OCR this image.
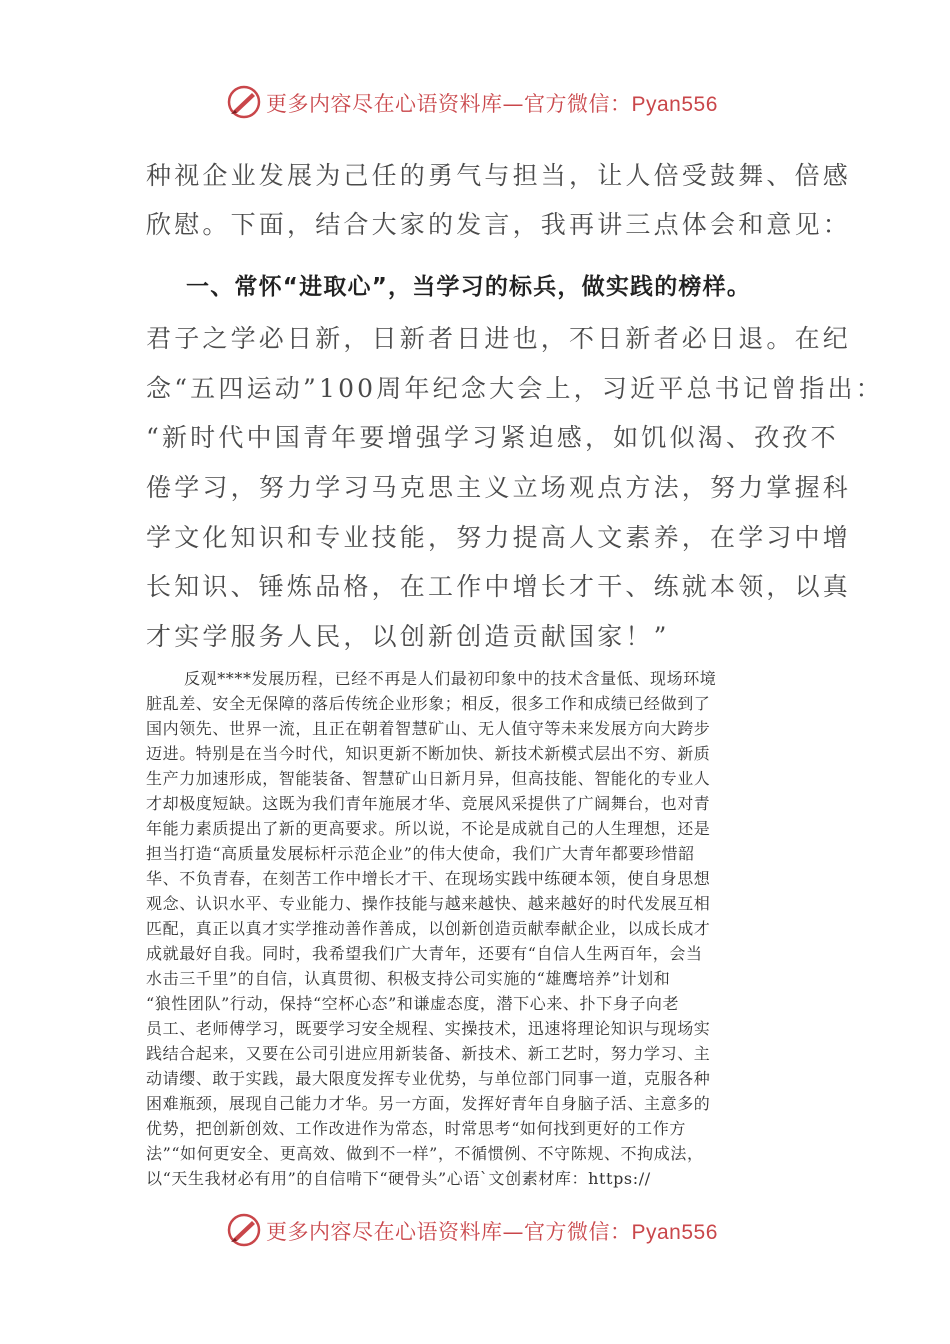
更多内容尽在心语资料库—官方微信：Pyan556
种视企业发展为己任的勇气与担当，让人倍受鼓舞、倍感
欣慰。下面，结合大家的发言，我再讲三点体会和意见：
一、常怀“进取心”，当学习的标兵，做实践的榜样。
君子之学必日新，日新者日进也，不日新者必日退。在纪
念“五四运动”100周年纪念大会上，习近平总书记曾指出：
“新时代中国青年要增强学习紧迫感，如饥似渴、孜孜不
倦学习，努力学习马克思主义立场观点方法，努力掌握科
学文化知识和专业技能，努力提高人文素养，在学习中增
长知识、锤炼品格，在工作中增长才干、练就本领，以真
才实学服务人民，以创新创造贡献国家！”
反观****发展历程，已经不再是人们最初印象中的技术含量低、现场环境
脏乱差、安全无保障的落后传统企业形象；相反，很多工作和成绩已经做到了
国内领先、世界一流，且正在朝着智慧矿山、无人值守等未来发展方向大跨步
迈进。特别是在当今时代，知识更新不断加快、新技术新模式层出不穷、新质
生产力加速形成，智能装备、智慧矿山日新月异，但高技能、智能化的专业人
才却极度短缺。这既为我们青年施展才华、竞展风采提供了广阔舞台，也对青
年能力素质提出了新的更高要求。所以说，不论是成就自己的人生理想，还是
担当打造“高质量发展标杆示范企业”的伟大使命，我们广大青年都要珍惜韶
华、不负青春，在刻苦工作中增长才干、在现场实践中练硬本领，使自身思想
观念、认识水平、专业能力、操作技能与越来越快、越来越好的时代发展互相
匹配，真正以真才实学推动善作善成，以创新创造贡献奉献企业，以成长成才
成就最好自我。同时，我希望我们广大青年，还要有“自信人生两百年，会当
水击三千里”的自信，认真贯彻、积极支持公司实施的“雄鹰培养”计划和
“狼性团队”行动，保持“空杯心态”和谦虚态度，潜下心来、扑下身子向老
员工、老师傅学习，既要学习安全规程、实操技术，迅速将理论知识与现场实
践结合起来，又要在公司引进应用新装备、新技术、新工艺时，努力学习、主
动请缨、敢于实践，最大限度发挥专业优势，与单位部门同事一道，克服各种
困难瓶颈，展现自己能力才华。另一方面，发挥好青年自身脑子活、主意多的
优势，把创新创效、工作改进作为常态，时常思考“如何找到更好的工作方
法”“如何更安全、更高效、做到不一样”，不循惯例、不守陈规、不拘成法，
以“天生我材必有用”的自信啃下“硬骨头”心语`文创素材库：https://
更多内容尽在心语资料库—官方微信：Pyan556
